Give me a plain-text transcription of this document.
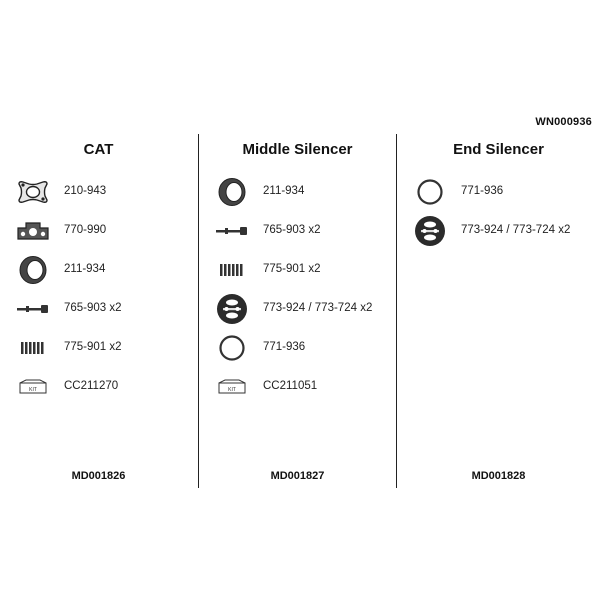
WN000936
CAT
210-943
770-990
211-934
765-903 x2
775-901 x2
KIT CC211270
MD001826
Middle Silencer
211-934
765-903 x2
775-901 x2
773-924 / 773-724 x2
771-936
KIT CC211051
MD001827
End Silencer
771-936
773-924 / 773-724 x2
MD001828
